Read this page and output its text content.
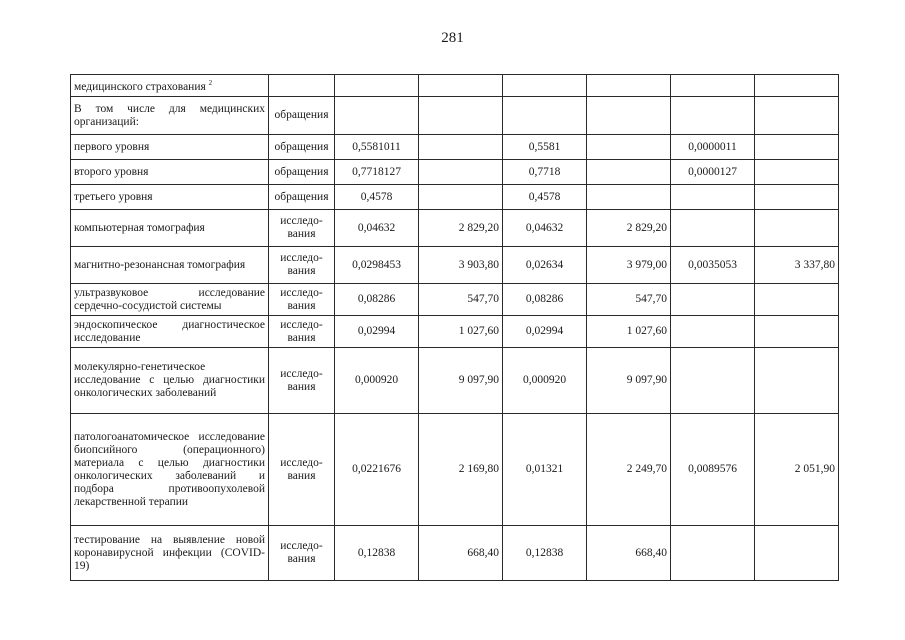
281
медицинского страхования $^2$							
В том числе для медицинских организаций:	обращения						
первого уровня	обращения	0,5581011		0,5581		0,0000011	
второго уровня	обращения	0,7718127		0,7718		0,0000127	
третьего уровня	обращения	0,4578		0,4578			
компьютерная томография	исследо-вания	0,04632	2 829,20	0,04632	2 829,20		
магнитно-резонансная томография	исследо-вания	0,0298453	3 903,80	0,02634	3 979,00	0,0035053	3 337,80
ультразвуковое исследование сердечно-сосудистой системы	исследо-вания	0,08286	547,70	0,08286	547,70		
эндоскопическое диагностическое исследование	исследо-вания	0,02994	1 027,60	0,02994	1 027,60		
молекулярно-генетическое исследование с целью диагностики онкологических заболеваний	исследо-вания	0,000920	9 097,90	0,000920	9 097,90		
патологоанатомическое исследование биопсийного (операционного) материала с целью диагностики онкологических заболеваний и подбора противоопухолевой лекарственной терапии	исследо-вания	0,0221676	2 169,80	0,01321	2 249,70	0,0089576	2 051,90
тестирование на выявление новой коронавирусной инфекции (COVID-19)	исследо-вания	0,12838	668,40	0,12838	668,40		
